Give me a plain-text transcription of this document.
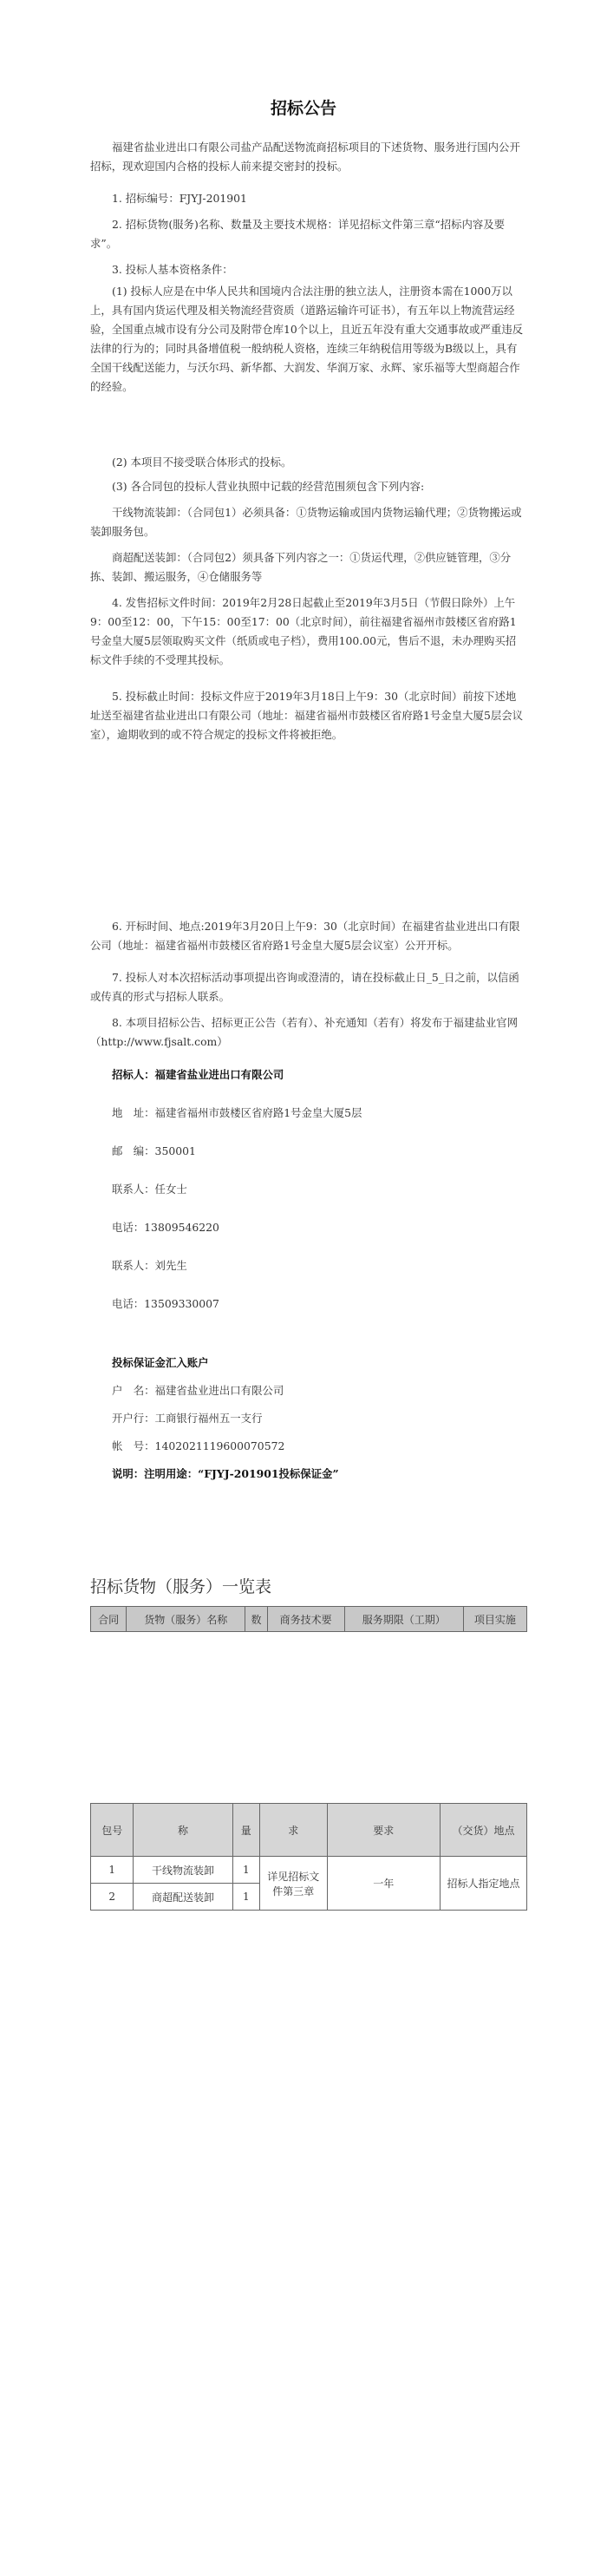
招标公告

福建省盐业进出口有限公司盐产品配送物流商招标项目的下述货物、服务进行国内公开招标，现欢迎国内合格的投标人前来提交密封的投标。

1. 招标编号：FJYJ-201901

2. 招标货物(服务)名称、数量及主要技术规格：详见招标文件第三章“招标内容及要求”。

3. 投标人基本资格条件：

(1) 投标人应是在中华人民共和国境内合法注册的独立法人，注册资本需在1000万以上，具有国内货运代理及相关物流经营资质（道路运输许可证书），有五年以上物流营运经验，全国重点城市设有分公司及附带仓库10个以上，且近五年没有重大交通事故或严重违反法律的行为的；同时具备增值税一般纳税人资格，连续三年纳税信用等级为B级以上，具有全国干线配送能力，与沃尔玛、新华都、大润发、华润万家、永辉、家乐福等大型商超合作的经验。

(2) 本项目不接受联合体形式的投标。

(3) 各合同包的投标人营业执照中记载的经营范围须包含下列内容:

干线物流装卸：（合同包1）必须具备：①货物运输或国内货物运输代理；②货物搬运或装卸服务包。

商超配送装卸：（合同包2）须具备下列内容之一：①货运代理，②供应链管理，③分拣、装卸、搬运服务，④仓储服务等

4. 发售招标文件时间：2019年2月28日起截止至2019年3月5日（节假日除外）上午9：00至12：00，下午15：00至17：00（北京时间），前往福建省福州市鼓楼区省府路1号金皇大厦5层领取购买文件（纸质或电子档），费用100.00元，售后不退，未办理购买招标文件手续的不受理其投标。

5. 投标截止时间：投标文件应于2019年3月18日上午9：30（北京时间）前按下述地址送至福建省盐业进出口有限公司（地址：福建省福州市鼓楼区省府路1号金皇大厦5层会议室），逾期收到的或不符合规定的投标文件将被拒绝。

6. 开标时间、地点:2019年3月20日上午9：30（北京时间）在福建省盐业进出口有限公司（地址：福建省福州市鼓楼区省府路1号金皇大厦5层会议室）公开开标。

7. 投标人对本次招标活动事项提出咨询或澄清的，请在投标截止日_5_日之前，以信函或传真的形式与招标人联系。

8. 本项目招标公告、招标更正公告（若有）、补充通知（若有）将发布于福建盐业官网（http://www.fjsalt.com）

招标人：福建省盐业进出口有限公司

地　址：福建省福州市鼓楼区省府路1号金皇大厦5层

邮　编：350001

联系人：任女士

电话：13809546220

联系人：刘先生

电话：13509330007

投标保证金汇入账户

户　名：福建省盐业进出口有限公司

开户行：工商银行福州五一支行

帐　号：1402021119600070572

说明：注明用途：“FJYJ-201901投标保证金”

招标货物（服务）一览表
合同	货物（服务）名称	数	商务技术要	服务期限（工期）	项目实施
包号	称	量	求	要求	（交货）地点
1	干线物流装卸	1	详见招标文件第三章	一年	招标人指定地点
2	商超配送装卸	1			
